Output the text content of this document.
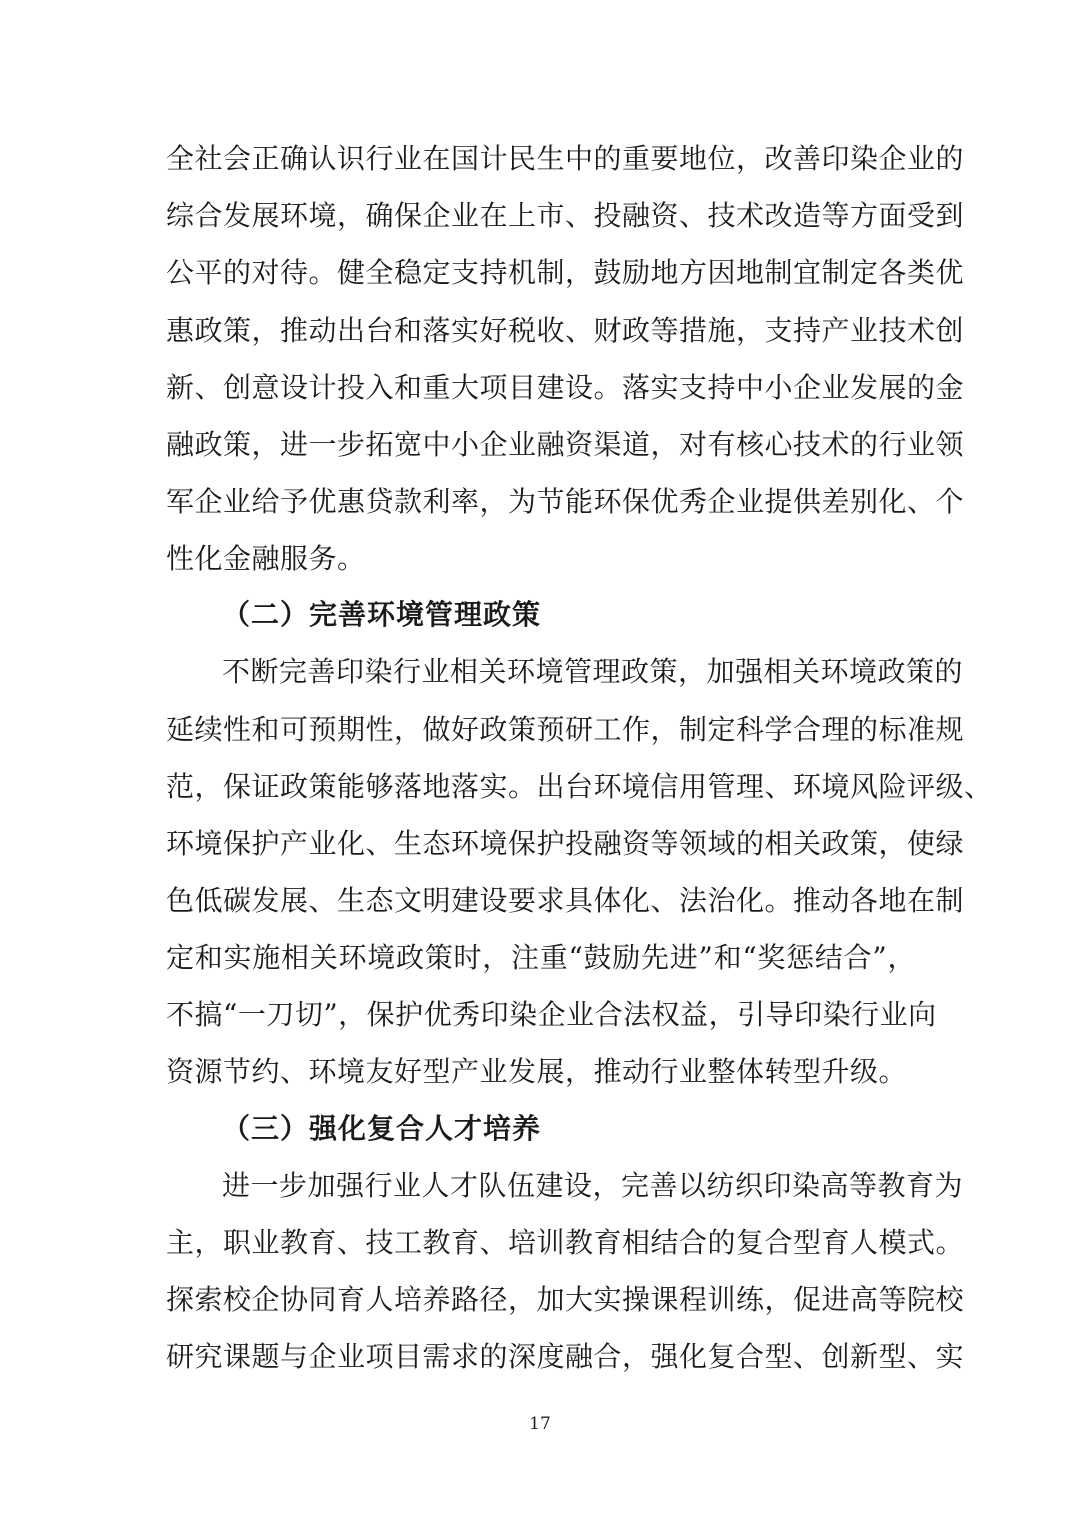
全社会正确认识行业在国计民生中的重要地位，改善印染企业的
综合发展环境，确保企业在上市、投融资、技术改造等方面受到
公平的对待。健全稳定支持机制，鼓励地方因地制宜制定各类优
惠政策，推动出台和落实好税收、财政等措施，支持产业技术创
新、创意设计投入和重大项目建设。落实支持中小企业发展的金
融政策，进一步拓宽中小企业融资渠道，对有核心技术的行业领
军企业给予优惠贷款利率，为节能环保优秀企业提供差别化、个
性化金融服务。
（二）完善环境管理政策
不断完善印染行业相关环境管理政策，加强相关环境政策的
延续性和可预期性，做好政策预研工作，制定科学合理的标准规
范，保证政策能够落地落实。出台环境信用管理、环境风险评级、
环境保护产业化、生态环境保护投融资等领域的相关政策，使绿
色低碳发展、生态文明建设要求具体化、法治化。推动各地在制
定和实施相关环境政策时，注重“鼓励先进”和“奖惩结合”，
不搞“一刀切”，保护优秀印染企业合法权益，引导印染行业向
资源节约、环境友好型产业发展，推动行业整体转型升级。
（三）强化复合人才培养
进一步加强行业人才队伍建设，完善以纺织印染高等教育为
主，职业教育、技工教育、培训教育相结合的复合型育人模式。
探索校企协同育人培养路径，加大实操课程训练，促进高等院校
研究课题与企业项目需求的深度融合，强化复合型、创新型、实
17
